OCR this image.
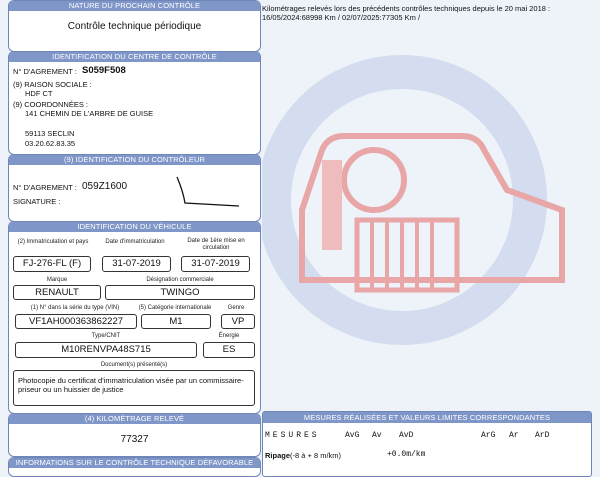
NATURE DU PROCHAIN CONTRÔLE
Contrôle technique périodique
IDENTIFICATION DU CENTRE DE CONTRÔLE
N° D'AGREMENT : S059F508
(9) RAISON SOCIALE :
HDF CT
(9) COORDONNÉES :
141 CHEMIN DE L'ARBRE DE GUISE
59113 SECLIN
03.20.62.83.35
(9) IDENTIFICATION DU CONTRÔLEUR
N° D'AGREMENT : 059Z1600
SIGNATURE :
IDENTIFICATION DU VÉHICULE
(2) Immatriculation et pays	Date d'immatriculation	Date de 1ère mise en circulation
FJ-276-FL (F)	31-07-2019	31-07-2019
Marque	Désignation commerciale
RENAULT	TWINGO
(1) N° dans la série du type (VIN)	(5) Catégorie internationale	Genre
VF1AH000363862227	M1	VP
Type/CNIT	Énergie
M10RENVPA48S715	ES
Document(s) présenté(s)
Photocopie du certificat d'immatriculation visée par un commissaire-priseur ou un huissier de justice
(4) KILOMÉTRAGE RELEVÉ
77327
INFORMATIONS SUR LE CONTRÔLE TECHNIQUE DÉFAVORABLE
Kilométrages relevés lors des précédents contrôles techniques depuis le 20 mai 2018 :
16/05/2024:68998 Km / 02/07/2025:77305 Km /
MESURES RÉALISÉES ET VALEURS LIMITES CORRESPONDANTES
MESURES	AvG Av AvD	ArG Ar ArD
Ripage (-8 à + 8 m/km)	+0.0m/km
